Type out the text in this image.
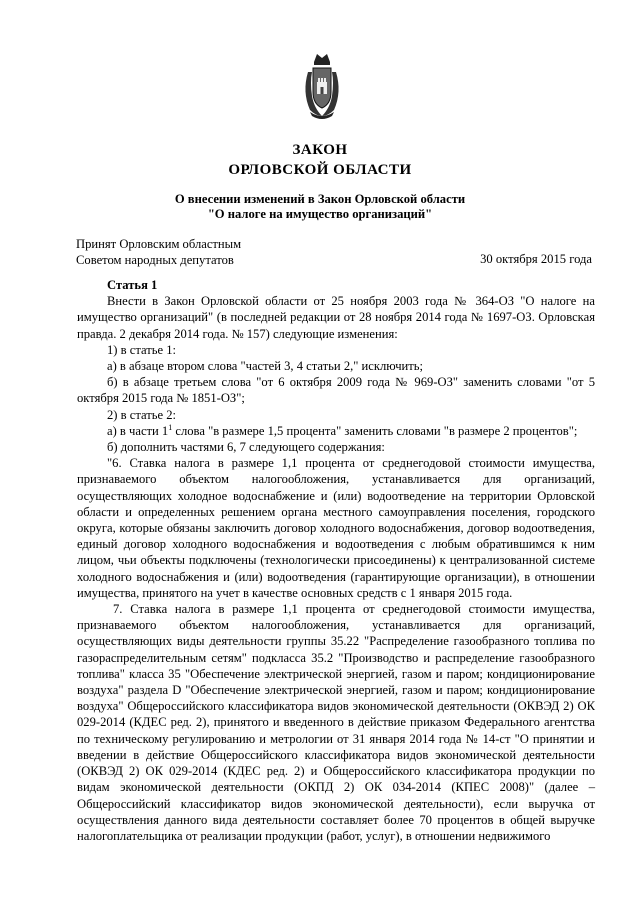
ЗАКОН
ОРЛОВСКОЙ ОБЛАСТИ
О внесении изменений в Закон Орловской области
"О налоге на имущество организаций"
Принят Орловским областным
Советом народных депутатов	30 октября 2015 года
Статья 1

Внести в Закон Орловской области от 25 ноября 2003 года № 364-ОЗ "О налоге на имущество организаций" (в последней редакции от 28 ноября 2014 года № 1697-ОЗ. Орловская правда. 2 декабря 2014 года. № 157) следующие изменения:

1) в статье 1:

а) в абзаце втором слова "частей 3, 4 статьи 2," исключить;

б) в абзаце третьем слова "от 6 октября 2009 года № 969-ОЗ" заменить словами "от 5 октября 2015 года № 1851-ОЗ";

2) в статье 2:

а) в части $1^1$ слова "в размере 1,5 процента" заменить словами "в размере 2 процентов";

б) дополнить частями 6, 7 следующего содержания:

"6. Ставка налога в размере 1,1 процента от среднегодовой стоимости имущества, признаваемого объектом налогообложения, устанавливается для организаций, осуществляющих холодное водоснабжение и (или) водоотведение на территории Орловской области и определенных решением органа местного самоуправления поселения, городского округа, которые обязаны заключить договор холодного водоснабжения, договор водоотведения, единый договор холодного водоснабжения и водоотведения с любым обратившимся к ним лицом, чьи объекты подключены (технологически присоединены) к централизованной системе холодного водоснабжения и (или) водоотведения (гарантирующие организации), в отношении имущества, принятого на учет в качестве основных средств с 1 января 2015 года.

7. Ставка налога в размере 1,1 процента от среднегодовой стоимости имущества, признаваемого объектом налогообложения, устанавливается для организаций, осуществляющих виды деятельности группы 35.22 "Распределение газообразного топлива по газораспределительным сетям" подкласса 35.2 "Производство и распределение газообразного топлива" класса 35 "Обеспечение электрической энергией, газом и паром; кондиционирование воздуха" раздела D "Обеспечение электрической энергией, газом и паром; кондиционирование воздуха" Общероссийского классификатора видов экономической деятельности (ОКВЭД 2) ОК 029-2014 (КДЕС ред. 2), принятого и введенного в действие приказом Федерального агентства по техническому регулированию и метрологии от 31 января 2014 года № 14-ст "О принятии и введении в действие Общероссийского классификатора видов экономической деятельности (ОКВЭД 2) ОК 029-2014 (КДЕС ред. 2) и Общероссийского классификатора продукции по видам экономической деятельности (ОКПД 2) ОК 034-2014 (КПЕС 2008)" (далее – Общероссийский классификатор видов экономической деятельности), если выручка от осуществления данного вида деятельности составляет более 70 процентов в общей выручке налогоплательщика от реализации продукции (работ, услуг), в отношении недвижимого
